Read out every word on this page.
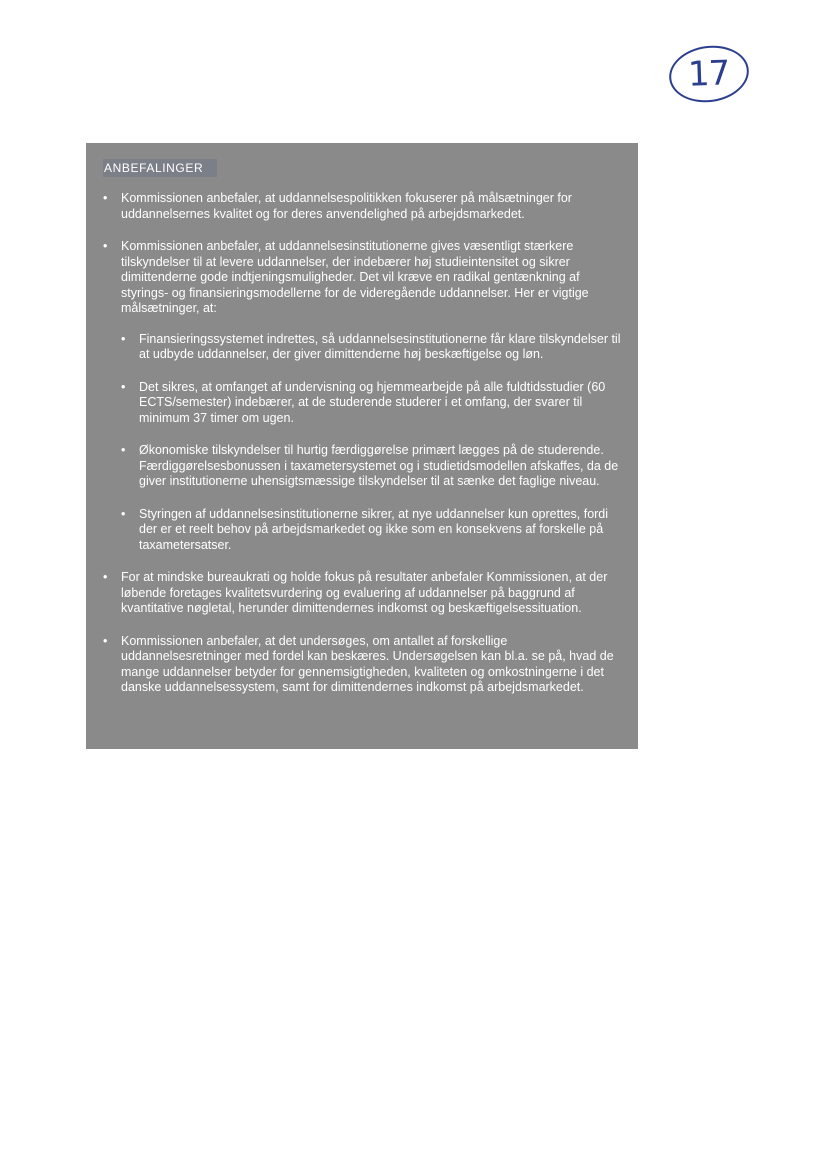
17
ANBEFALINGER
• Kommissionen anbefaler, at uddannelsespolitikken fokuserer på målsætninger for uddannelsernes kvalitet og for deres anvendelighed på arbejdsmarkedet.
• Kommissionen anbefaler, at uddannelsesinstitutionerne gives væsentligt stærkere tilskyndelser til at levere uddannelser, der indebærer høj studieintensitet og sikrer dimittenderne gode indtjeningsmuligheder. Det vil kræve en radikal gentænkning af styrings- og finansieringsmodellerne for de videregående uddannelser. Her er vigtige målsætninger, at:
• Finansieringssystemet indrettes, så uddannelsesinstitutionerne får klare tilskyndelser til at udbyde uddannelser, der giver dimittenderne høj beskæftigelse og løn.
• Det sikres, at omfanget af undervisning og hjemmearbejde på alle fuldtidsstudier (60 ECTS/semester) indebærer, at de studerende studerer i et omfang, der svarer til minimum 37 timer om ugen.
• Økonomiske tilskyndelser til hurtig færdiggørelse primært lægges på de studerende. Færdiggørelsesbonussen i taxametersystemet og i studietidsmodellen afskaffes, da de giver institutionerne uhensigtsmæssige tilskyndelser til at sænke det faglige niveau.
• Styringen af uddannelsesinstitutionerne sikrer, at nye uddannelser kun oprettes, fordi der er et reelt behov på arbejdsmarkedet og ikke som en konsekvens af forskelle på taxametersatser.
• For at mindske bureaukrati og holde fokus på resultater anbefaler Kommissionen, at der løbende foretages kvalitetsvurdering og evaluering af uddannelser på baggrund af kvantitative nøgletal, herunder dimittendernes indkomst og beskæftigelsessituation.
• Kommissionen anbefaler, at det undersøges, om antallet af forskellige uddannelsesretninger med fordel kan beskæres. Undersøgelsen kan bl.a. se på, hvad de mange uddannelser betyder for gennemsigtigheden, kvaliteten og omkostningerne i det danske uddannelsessystem, samt for dimittendernes indkomst på arbejdsmarkedet.
